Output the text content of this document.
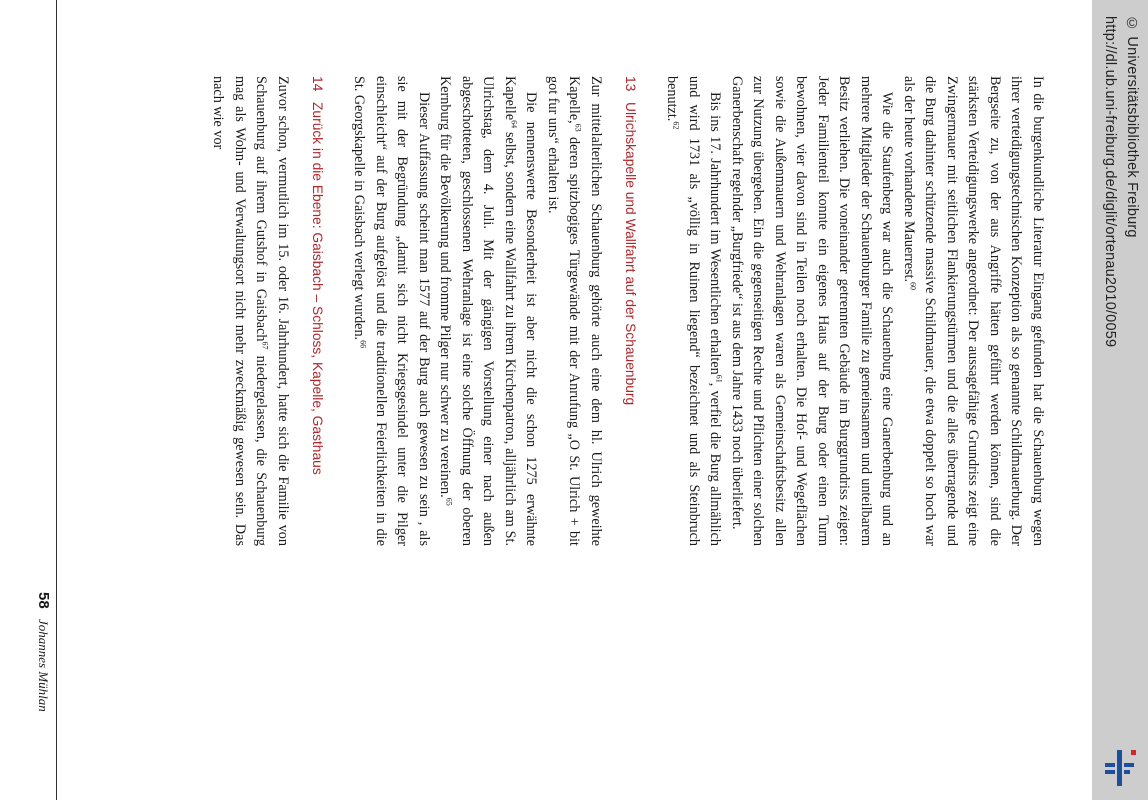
58 Johannes Mühlan

In die burgenkundliche Literatur Eingang gefunden hat die Schauenburg wegen ihrer verteidigungstechnischen Konzeption als so genannte Schildmauerburg. Der Bergseite zu, von der aus Angriffe hätten geführt werden können, sind die stärksten Verteidigungswerke angeordnet: Der aussagefähige Grundriss zeigt eine Zwingermauer mit seitlichen Flankierungstürmen und die alles überragende und die Burg dahinter schützende massive Schildmauer, die etwa doppelt so hoch war als der heute vorhandene Mauerrest.$^{60}$

Wie die Staufenberg war auch die Schauenburg eine Ganerbenburg und an mehrere Mitglieder der Schauenburger Familie zu gemeinsamem und unteilbarem Besitz verliehen. Die voneinander getrennten Gebäude im Burggrundriss zeigen: Jeder Familienteil konnte ein eigenes Haus auf der Burg oder einen Turm bewohnen, vier davon sind in Teilen noch erhalten. Die Hof- und Wegeflächen sowie die Außenmauern und Wehranlagen waren als Gemeinschaftsbesitz allen zur Nutzung übergeben. Ein die gegenseitigen Rechte und Pflichten einer solchen Ganerbenschaft regelnder „Burgfriede“ ist aus dem Jahre 1433 noch überliefert.

Bis ins 17. Jahrhundert im Wesentlichen erhalten$^{61}$, verfiel die Burg allmählich und wird 1731 als „völlig in Ruinen liegend“ bezeichnet und als Steinbruch benutzt.$^{62}$

13Ulrichskapelle und Wallfahrt auf der Schauenburg

Zur mittelalterlichen Schauenburg gehörte auch eine dem hl. Ulrich geweihte Kapelle,$^{63}$ deren spitzbogiges Türgewände mit der Anrufung „O St. Ulrich + bit got fur uns“ erhalten ist.

Die nennenswerte Besonderheit ist aber nicht die schon 1275 erwähnte Kapelle$^{64}$ selbst, sondern eine Wallfahrt zu ihrem Kirchenpatron, alljährlich am St. Ulrichstag, dem 4. Juli. Mit der gängigen Vorstellung einer nach außen abgeschotteten, geschlossenen Wehranlage ist eine solche Öffnung der oberen Kernburg für die Bevölkerung und fromme Pilger nur schwer zu vereinen.$^{65}$

Dieser Auffassung scheint man 1577 auf der Burg auch gewesen zu sein , als sie mit der Begründung „damit sich nicht Kriegsgesindel unter die Pilger einschleicht“ auf der Burg aufgelöst und die traditionellen Feierlichkeiten in die St. Georgskapelle in Gaisbach verlegt wurden.$^{66}$

14Zurück in die Ebene: Gaisbach – Schloss, Kapelle, Gasthaus

Zuvor schon, vermutlich im 15. oder 16. Jahrhundert, hatte sich die Familie von Schauenburg auf ihrem Gutshof in Gaisbach$^{67}$ niedergelassen, die Schauenburg mag als Wohn- und Verwaltungsort nicht mehr zweckmäßig gewesen sein. Das nach wie vor	http://dl.ub.uni-freiburg.de/diglit/ortenau2010/0059 © Universitätsbibliothek Freiburg
